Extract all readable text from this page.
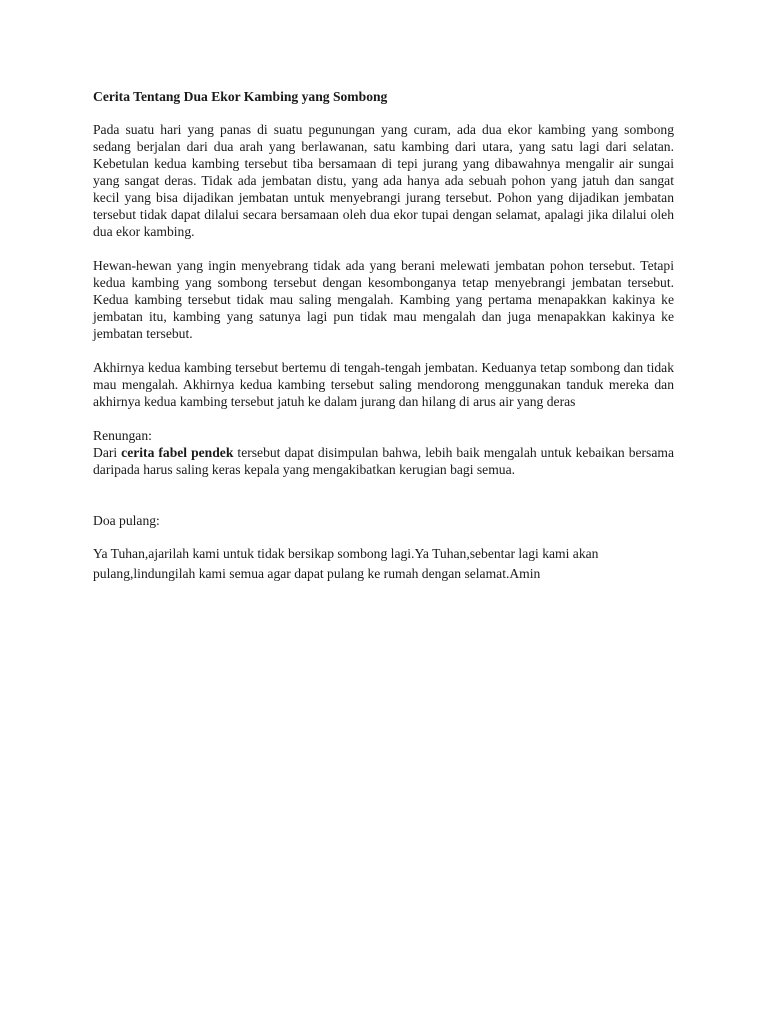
Cerita Tentang Dua Ekor Kambing yang Sombong

Pada suatu hari yang panas di suatu pegunungan yang curam, ada dua ekor kambing yang sombong sedang berjalan dari dua arah yang berlawanan, satu kambing dari utara, yang satu lagi dari selatan. Kebetulan kedua kambing tersebut tiba bersamaan di tepi jurang yang dibawahnya mengalir air sungai yang sangat deras. Tidak ada jembatan distu, yang ada hanya ada sebuah pohon yang jatuh dan sangat kecil yang bisa dijadikan jembatan untuk menyebrangi jurang tersebut. Pohon yang dijadikan jembatan tersebut tidak dapat dilalui secara bersamaan oleh dua ekor tupai dengan selamat, apalagi jika dilalui oleh dua ekor kambing.

Hewan-hewan yang ingin menyebrang tidak ada yang berani melewati jembatan pohon tersebut. Tetapi kedua kambing yang sombong tersebut dengan kesombonganya tetap menyebrangi jembatan tersebut. Kedua kambing tersebut tidak mau saling mengalah. Kambing yang pertama menapakkan kakinya ke jembatan itu, kambing yang satunya lagi pun tidak mau mengalah dan juga menapakkan kakinya ke jembatan tersebut.

Akhirnya kedua kambing tersebut bertemu di tengah-tengah jembatan. Keduanya tetap sombong dan tidak mau mengalah. Akhirnya kedua kambing tersebut saling mendorong menggunakan tanduk mereka dan akhirnya kedua kambing tersebut jatuh ke dalam jurang dan hilang di arus air yang deras

Renungan:

Dari cerita fabel pendek tersebut dapat disimpulan bahwa, lebih baik mengalah untuk kebaikan bersama daripada harus saling keras kepala yang mengakibatkan kerugian bagi semua.

Doa pulang:

Ya Tuhan,ajarilah kami untuk tidak bersikap sombong lagi.Ya Tuhan,sebentar lagi kami akan pulang,lindungilah kami semua agar dapat pulang ke rumah dengan selamat.Amin
